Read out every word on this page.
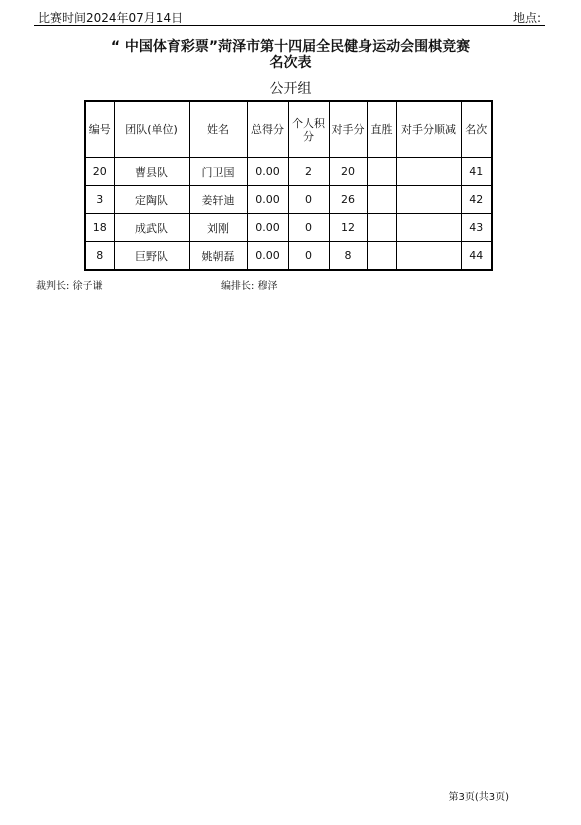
比赛时间2024年07月14日	地点:
“ 中国体育彩票”菏泽市第十四届全民健身运动会围棋竞赛
名次表
公开组
编号	团队(单位)	姓名	总得分	个人积分	对手分	直胜	对手分顺减	名次
20	曹县队	门卫国	0.00	2	20			41
3	定陶队	姜轩迪	0.00	0	26			42
18	成武队	刘刚	0.00	0	12			43
8	巨野队	姚朝磊	0.00	0	8			44
裁判长: 徐子谦	编排长: 穆泽
第3页(共3页)
